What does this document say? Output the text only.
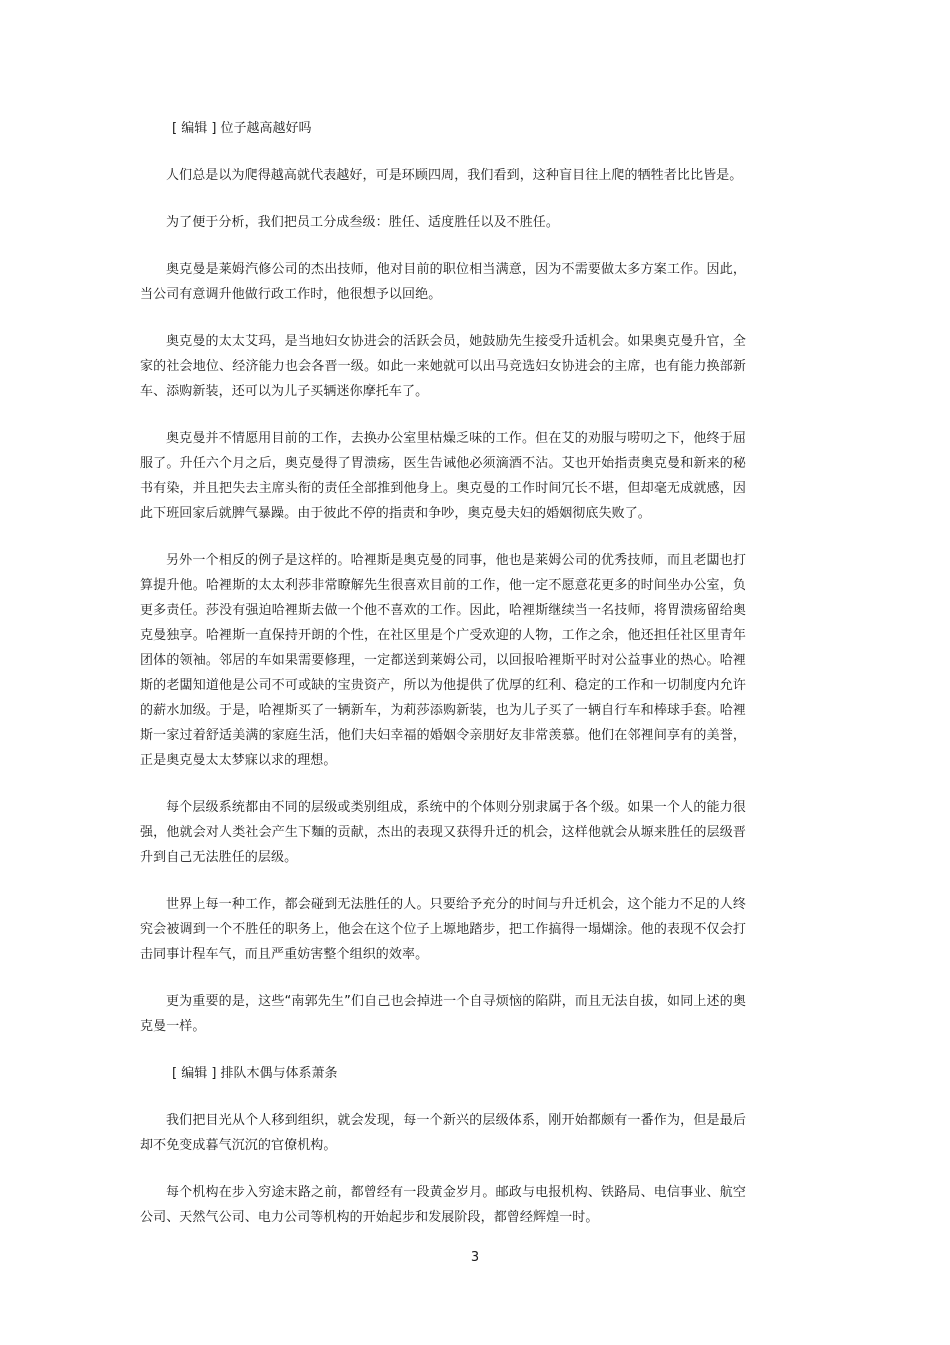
[ 编辑 ] 位子越高越好吗

人们总是以为爬得越高就代表越好，可是环顾四周，我们看到，这种盲目往上爬的牺牲者比比皆是。

为了便于分析，我们把员工分成叁级：胜任、适度胜任以及不胜任。

奥克曼是莱姆汽修公司的杰出技师，他对目前的职位相当满意，因为不需要做太多方案工作。因此，当公司有意调升他做行政工作时，他很想予以回绝。

奥克曼的太太艾玛，是当地妇女协进会的活跃会员，她鼓励先生接受升适机会。如果奥克曼升官，全家的社会地位、经济能力也会各晋一级。如此一来她就可以出马竞选妇女协进会的主席，也有能力换部新车、添购新装，还可以为儿子买辆迷你摩托车了。

奥克曼并不情愿用目前的工作，去换办公室里枯燥乏味的工作。但在艾的劝服与唠叨之下，他终于屈服了。升任六个月之后，奥克曼得了胃溃疡，医生告诫他必须滴酒不沾。艾也开始指责奥克曼和新来的秘书有染，并且把失去主席头衔的责任全部推到他身上。奥克曼的工作时间冗长不堪，但却毫无成就感，因此下班回家后就脾气暴躁。由于彼此不停的指责和争吵，奥克曼夫妇的婚姻彻底失败了。

另外一个相反的例子是这样的。哈裡斯是奥克曼的同事，他也是莱姆公司的优秀技师，而且老闆也打算提升他。哈裡斯的太太利莎非常瞭解先生很喜欢目前的工作，他一定不愿意花更多的时间坐办公室，负更多责任。莎没有强迫哈裡斯去做一个他不喜欢的工作。因此，哈裡斯继续当一名技师，将胃溃疡留给奥克曼独享。哈裡斯一直保持开朗的个性，在社区里是个广受欢迎的人物，工作之余，他还担任社区里青年团体的领袖。邻居的车如果需要修理，一定都送到莱姆公司，以回报哈裡斯平时对公益事业的热心。哈裡斯的老闆知道他是公司不可或缺的宝贵资产，所以为他提供了优厚的红利、稳定的工作和一切制度内允许的薪水加级。于是，哈裡斯买了一辆新车，为莉莎添购新装，也为儿子买了一辆自行车和棒球手套。哈裡斯一家过着舒适美满的家庭生活，他们夫妇幸福的婚姻令亲朋好友非常羡慕。他们在邻裡间享有的美誉，正是奥克曼太太梦寐以求的理想。

每个层级系统都由不同的层级或类别组成，系统中的个体则分别隶属于各个级。如果一个人的能力很强，他就会对人类社会产生下麵的贡献，杰出的表现又获得升迁的机会，这样他就会从塬来胜任的层级晋升到自己无法胜任的层级。

世界上每一种工作，都会碰到无法胜任的人。只要给予充分的时间与升迁机会，这个能力不足的人终究会被调到一个不胜任的职务上，他会在这个位子上塬地踏步，把工作搞得一塌煳涂。他的表现不仅会打击同事计程车气，而且严重妨害整个组织的效率。

更为重要的是，这些“南郭先生”们自己也会掉进一个自寻烦恼的陷阱，而且无法自拔，如同上述的奥克曼一样。

[ 编辑 ] 排队木偶与体系萧条

我们把目光从个人移到组织，就会发现，每一个新兴的层级体系，刚开始都颇有一番作为，但是最后却不免变成暮气沉沉的官僚机构。

每个机构在步入穷途末路之前，都曾经有一段黄金岁月。邮政与电报机构、铁路局、电信事业、航空公司、天然气公司、电力公司等机构的开始起步和发展阶段，都曾经辉煌一时。

3
